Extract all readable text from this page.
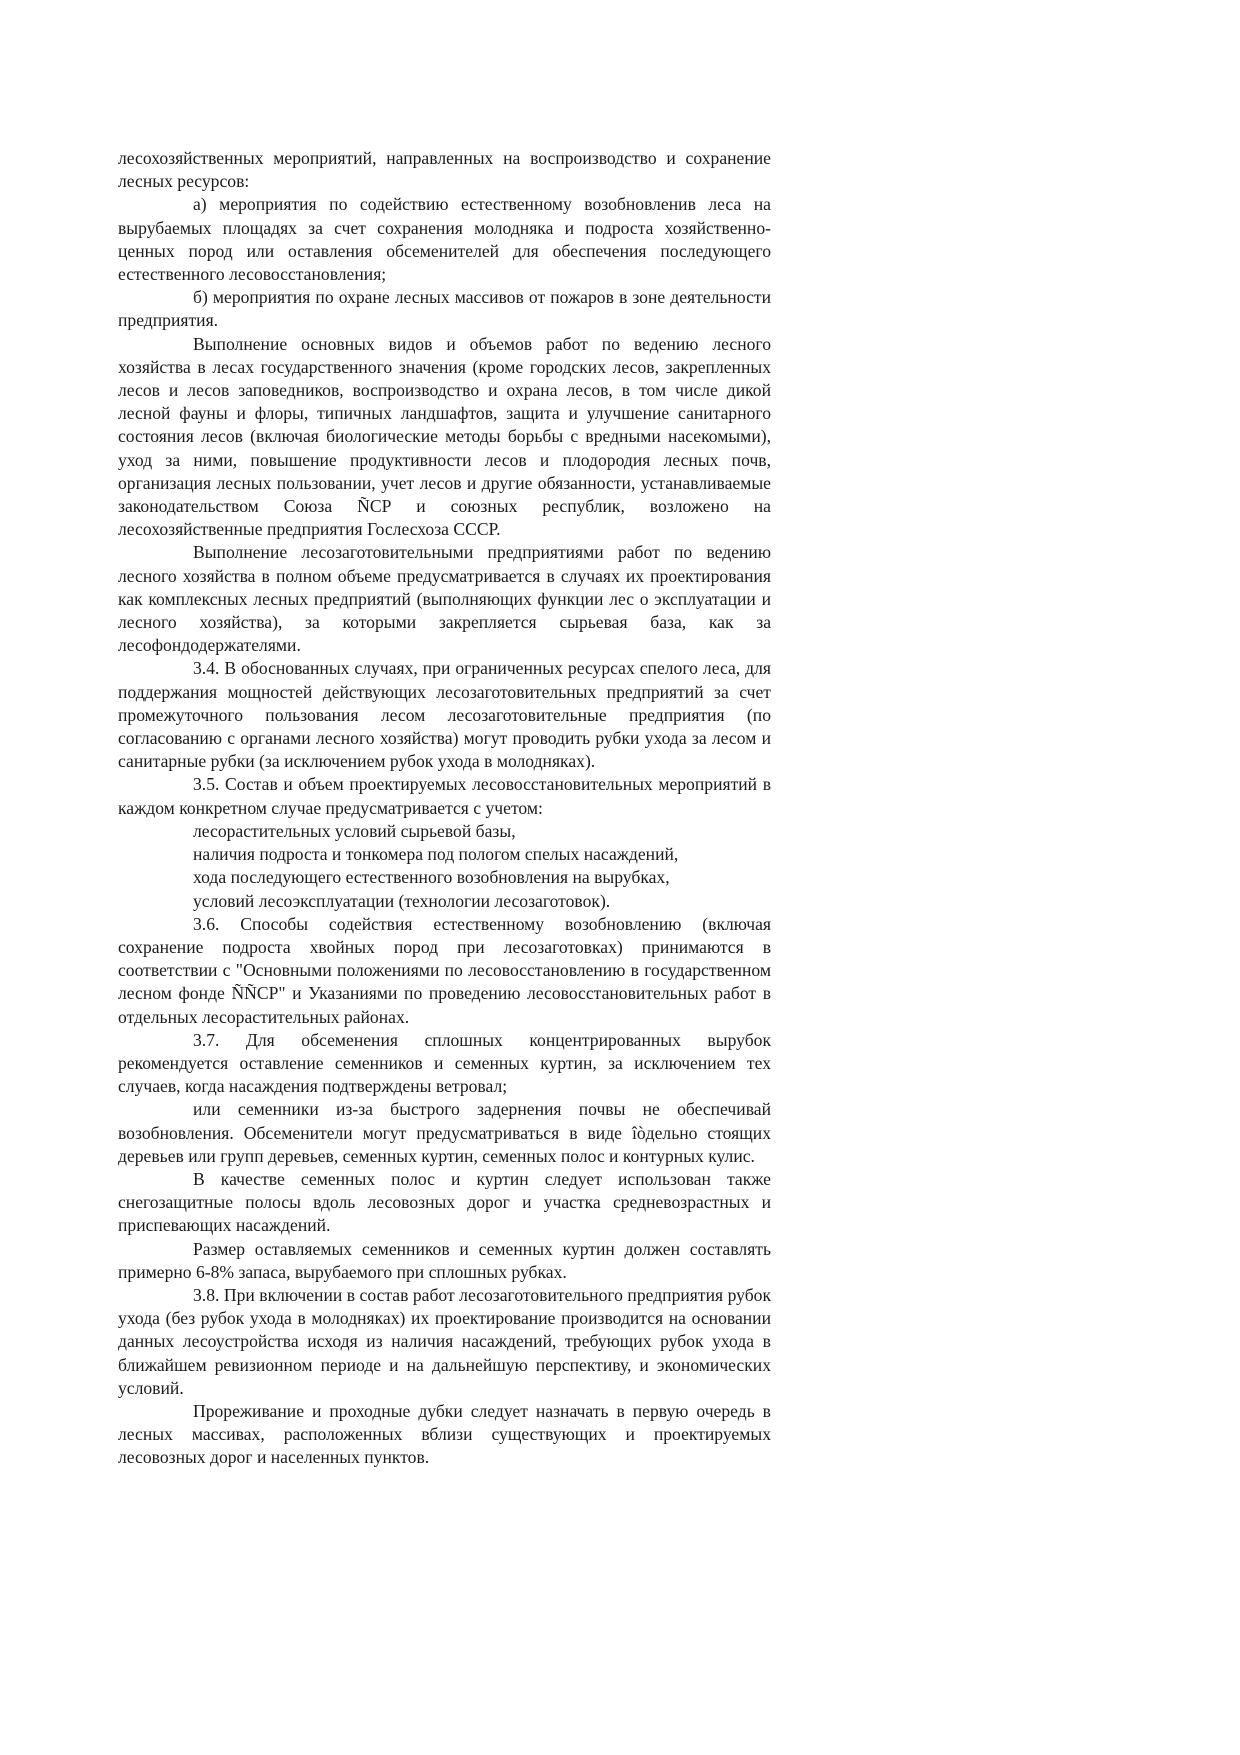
лесохозяйственных мероприятий, направленных на воспроизводство и сохранение лесных ресурсов:

а) мероприятия по содействию естественному возобновленив леса на вырубаемых площадях за счет сохранения молодняка и подроста хозяйственно-ценных пород или оставления обсеменителей для обеспечения последующего естественного лесовосстановления;

б) мероприятия по охране лесных массивов от пожаров в зоне деятельности предприятия.

Выполнение основных видов и объемов работ по ведению лесного хозяйства в лесах государственного значения (кроме городских лесов, закрепленных лесов и лесов заповедников, воспроизводство и охрана лесов, в том числе дикой лесной фауны и флоры, типичных ландшафтов, защита и улучшение санитарного состояния лесов (включая биологические методы борьбы с вредными насекомыми), уход за ними, повышение продуктивности лесов и плодородия лесных почв, организация лесных пользовании, учет лесов и другие обязанности, устанавливаемые законодательством Союза ÑСР и союзных республик, возложено на лесохозяйственные предприятия Гослесхоза СССР.

Выполнение лесозаготовительными предприятиями работ по ведению лесного хозяйства в полном объеме предусматривается в случаях их проектирования как комплексных лесных предприятий (выполняющих функции лес о эксплуатации и лесного хозяйства), за которыми закрепляется сырьевая база, как за лесофондодержателями.

3.4. В обоснованных случаях, при ограниченных ресурсах спелого леса, для поддержания мощностей действующих лесозаготовительных предприятий за счет промежуточного пользования лесом лесозаготовительные предприятия (по согласованию с органами лесного хозяйства) могут проводить рубки ухода за лесом и санитарные рубки (за исключением рубок ухода в молодняках).

3.5. Состав и объем проектируемых лесовосстановительных мероприятий в каждом конкретном случае предусматривается с учетом:

лесорастительных условий сырьевой базы,

наличия подроста и тонкомера под пологом спелых насаждений,

хода последующего естественного возобновления на вырубках,

условий лесоэксплуатации (технологии лесозаготовок).

3.6. Способы содействия естественному возобновлению (включая сохранение подроста хвойных пород при лесозаготовках) принимаются в соответствии с "Основными положениями по лесовосстановлению в государственном лесном фонде ÑÑСР" и Указаниями по проведению лесовосстановительных работ в отдельных лесорастительных районах.

3.7. Для обсеменения сплошных концентрированных вырубок рекомендуется оставление семенников и семенных куртин, за исключением тех случаев, когда насаждения подтверждены ветровал;

или семенники из-за быстрого задернения почвы не обеспечивай возобновления. Обсеменители могут предусматриваться в виде îòдельно стоящих деревьев или групп деревьев, семенных куртин, семенных полос и контурных кулис.

В качестве семенных полос и куртин следует использован также снегозащитные полосы вдоль лесовозных дорог и участка средневозрастных и приспевающих насаждений.

Размер оставляемых семенников и семенных куртин должен составлять примерно 6-8% запаса, вырубаемого при сплошных рубках.

3.8. При включении в состав работ лесозаготовительного предприятия рубок ухода (без рубок ухода в молодняках) их проектирование производится на основании данных лесоустройства исходя из наличия насаждений, требующих рубок ухода в ближайшем ревизионном периоде и на дальнейшую перспективу, и экономических условий.

Прореживание и проходные дубки следует назначать в первую очередь в лесных массивах, расположенных вблизи существующих и проектируемых лесовозных дорог и населенных пунктов.
